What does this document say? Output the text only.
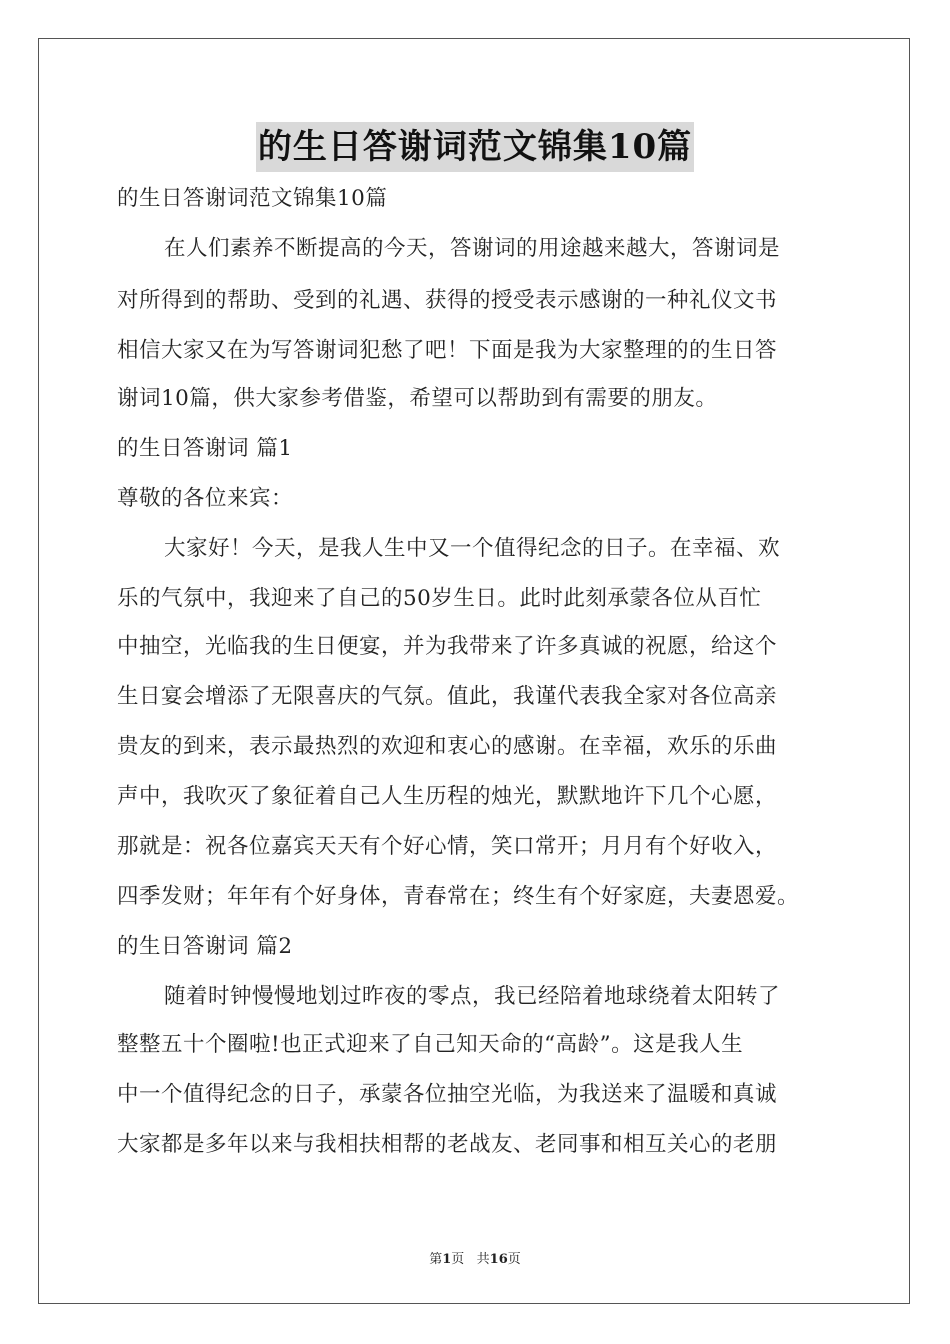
的生日答谢词范文锦集10篇
的生日答谢词范文锦集10篇
在人们素养不断提高的今天，答谢词的用途越来越大，答谢词是
对所得到的帮助、受到的礼遇、获得的授受表示感谢的一种礼仪文书
相信大家又在为写答谢词犯愁了吧！下面是我为大家整理的的生日答
谢词10篇，供大家参考借鉴，希望可以帮助到有需要的朋友。
的生日答谢词 篇1
尊敬的各位来宾：
大家好！今天，是我人生中又一个值得纪念的日子。在幸福、欢
乐的气氛中，我迎来了自己的50岁生日。此时此刻承蒙各位从百忙
中抽空，光临我的生日便宴，并为我带来了许多真诚的祝愿，给这个
生日宴会增添了无限喜庆的气氛。值此，我谨代表我全家对各位高亲
贵友的到来，表示最热烈的欢迎和衷心的感谢。在幸福，欢乐的乐曲
声中，我吹灭了象征着自己人生历程的烛光，默默地许下几个心愿，
那就是：祝各位嘉宾天天有个好心情，笑口常开；月月有个好收入，
四季发财；年年有个好身体，青春常在；终生有个好家庭，夫妻恩爱。
的生日答谢词 篇2
随着时钟慢慢地划过昨夜的零点，我已经陪着地球绕着太阳转了
整整五十个圈啦!也正式迎来了自己知天命的“高龄”。这是我人生
中一个值得纪念的日子，承蒙各位抽空光临，为我送来了温暖和真诚
大家都是多年以来与我相扶相帮的老战友、老同事和相互关心的老朋
第1页   共16页
